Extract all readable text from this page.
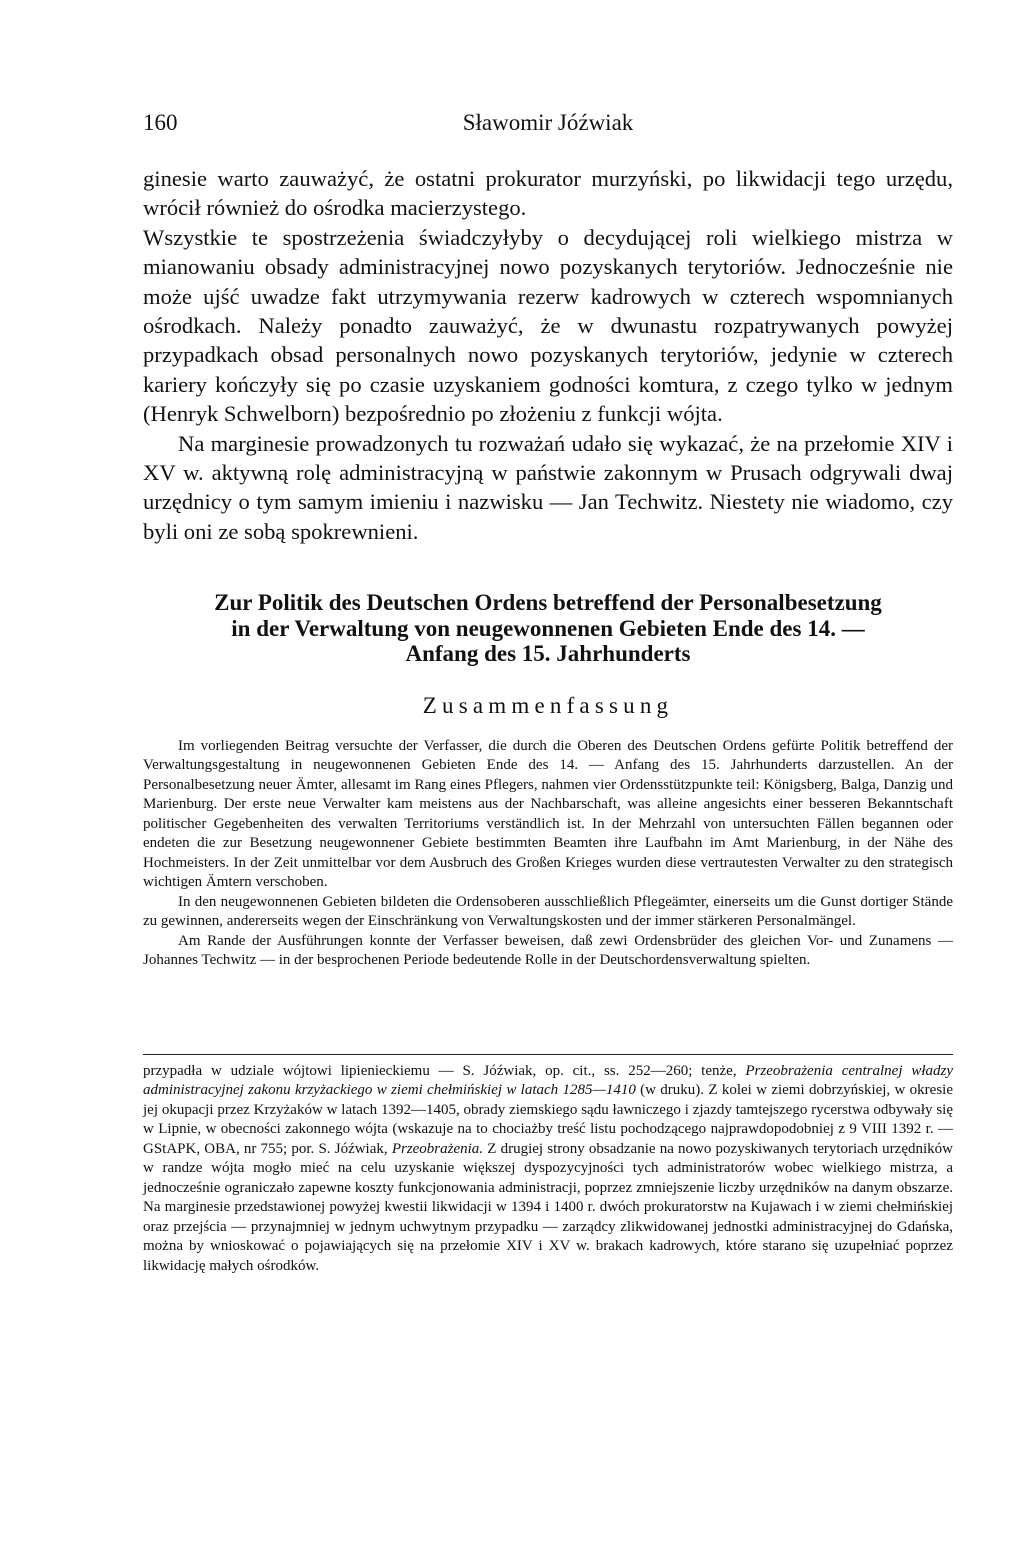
160	Sławomir Jóźwiak

ginesie warto zauważyć, że ostatni prokurator murzyński, po likwidacji tego urzędu, wrócił również do ośrodka macierzystego.

Wszystkie te spostrzeżenia świadczyłyby o decydującej roli wielkiego mistrza w mianowaniu obsady administracyjnej nowo pozyskanych terytoriów. Jednocześnie nie może ujść uwadze fakt utrzymywania rezerw kadrowych w czterech wspomnianych ośrodkach. Należy ponadto zauważyć, że w dwunastu rozpatrywanych powyżej przypadkach obsad personalnych nowo pozyskanych terytoriów, jedynie w czterech kariery kończyły się po czasie uzyskaniem godności komtura, z czego tylko w jednym (Henryk Schwelborn) bezpośrednio po złożeniu z funkcji wójta.

Na marginesie prowadzonych tu rozważań udało się wykazać, że na przełomie XIV i XV w. aktywną rolę administracyjną w państwie zakonnym w Prusach odgrywali dwaj urzędnicy o tym samym imieniu i nazwisku — Jan Techwitz. Niestety nie wiadomo, czy byli oni ze sobą spokrewnieni.

Zur Politik des Deutschen Ordens betreffend der Personalbesetzung
in der Verwaltung von neugewonnenen Gebieten Ende des 14. —
Anfang des 15. Jahrhunderts
Zusammenfassung

Im vorliegenden Beitrag versuchte der Verfasser, die durch die Oberen des Deutschen Ordens gefürte Politik betreffend der Verwaltungsgestaltung in neugewonnenen Gebieten Ende des 14. — Anfang des 15. Jahrhunderts darzustellen. An der Personalbesetzung neuer Ämter, allesamt im Rang eines Pflegers, nahmen vier Ordensstützpunkte teil: Königsberg, Balga, Danzig und Marienburg. Der erste neue Verwalter kam meistens aus der Nachbarschaft, was alleine angesichts einer besseren Bekanntschaft politischer Gegebenheiten des verwalten Territoriums verständlich ist. In der Mehrzahl von untersuchten Fällen begannen oder endeten die zur Besetzung neugewonnener Gebiete bestimmten Beamten ihre Laufbahn im Amt Marienburg, in der Nähe des Hochmeisters. In der Zeit unmittelbar vor dem Ausbruch des Großen Krieges wurden diese vertrautesten Verwalter zu den strategisch wichtigen Ämtern verschoben.

In den neugewonnenen Gebieten bildeten die Ordensoberen ausschließlich Pflegeämter, einerseits um die Gunst dortiger Stände zu gewinnen, andererseits wegen der Einschränkung von Verwaltungskosten und der immer stärkeren Personalmängel.

Am Rande der Ausführungen konnte der Verfasser beweisen, daß zewi Ordensbrüder des gleichen Vor- und Zunamens — Johannes Techwitz — in der besprochenen Periode bedeutende Rolle in der Deutschordensverwaltung spielten.

przypadła w udziale wójtowi lipienieckiemu — S. Jóźwiak, op. cit., ss. 252—260; tenże, Przeobrażenia centralnej władzy administracyjnej zakonu krzyżackiego w ziemi chełmińskiej w latach 1285—1410 (w druku). Z kolei w ziemi dobrzyńskiej, w okresie jej okupacji przez Krzyżaków w latach 1392—1405, obrady ziemskiego sądu ławniczego i zjazdy tamtejszego rycerstwa odbywały się w Lipnie, w obecności zakonnego wójta (wskazuje na to chociażby treść listu pochodzącego najprawdopodobniej z 9 VIII 1392 r. — GStAPK, OBA, nr 755; por. S. Jóźwiak, Przeobrażenia. Z drugiej strony obsadzanie na nowo pozyskiwanych terytoriach urzędników w randze wójta mogło mieć na celu uzyskanie większej dyspozycyjności tych administratorów wobec wielkiego mistrza, a jednocześnie ograniczało zapewne koszty funkcjonowania administracji, poprzez zmniejszenie liczby urzędników na danym obszarze. Na marginesie przedstawionej powyżej kwestii likwidacji w 1394 i 1400 r. dwóch prokuratorstw na Kujawach i w ziemi chełmińskiej oraz przejścia — przynajmniej w jednym uchwytnym przypadku — zarządcy zlikwidowanej jednostki administracyjnej do Gdańska, można by wnioskować o pojawiających się na przełomie XIV i XV w. brakach kadrowych, które starano się uzupełniać poprzez likwidację małych ośrodków.
